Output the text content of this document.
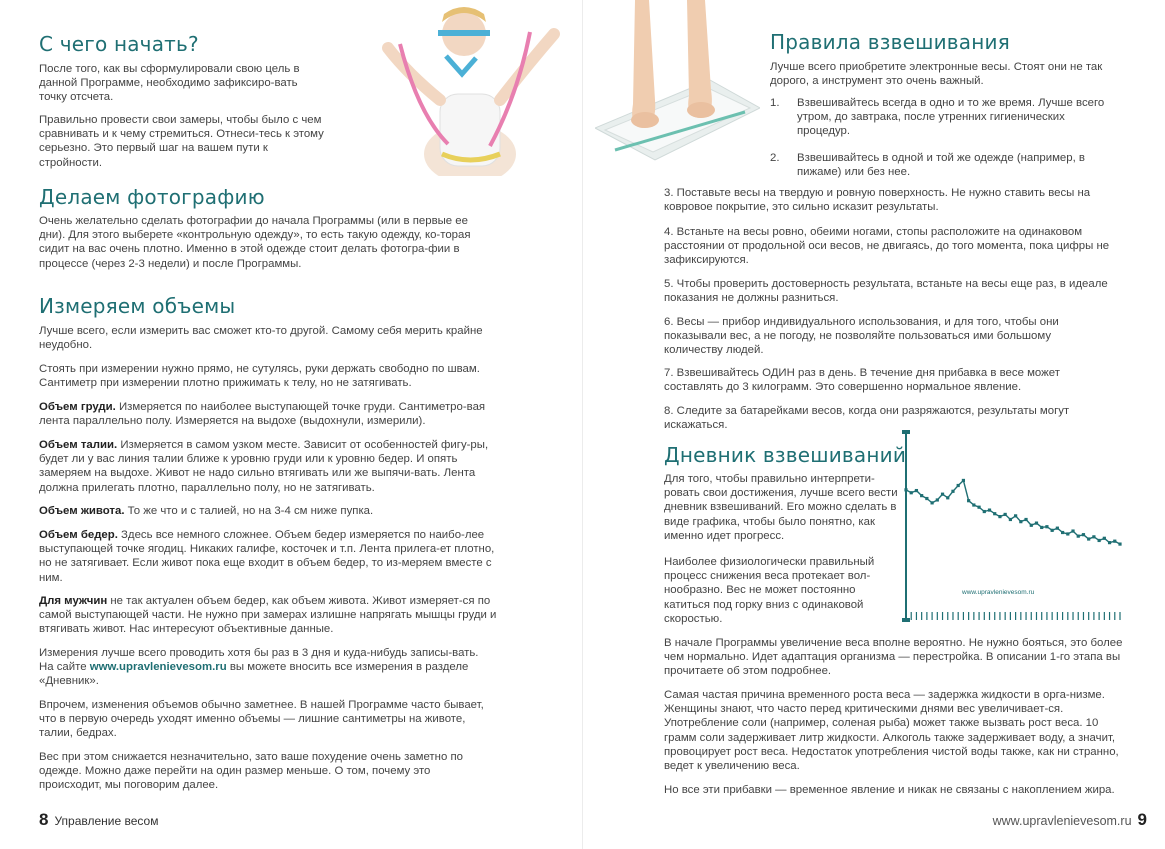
С чего начать?

После того, как вы сформулировали свою цель в данной Программе, необходимо зафиксиро-вать точку отсчета.

Правильно провести свои замеры, чтобы было с чем сравнивать и к чему стремиться. Отнеси-тесь к этому серьезно. Это первый шаг на вашем пути к стройности.

Делаем фотографию

Очень желательно сделать фотографии до начала Программы (или в первые ее дни). Для этого выберете «контрольную одежду», то есть такую одежду, ко-торая сидит на вас очень плотно. Именно в этой одежде стоит делать фотогра-фии в процессе (через 2-3 недели) и после Программы.

Измеряем объемы

Лучше всего, если измерить вас сможет кто-то другой. Самому себя мерить крайне неудобно.

Стоять при измерении нужно прямо, не сутулясь, руки держать свободно по швам. Сантиметр при измерении плотно прижимать к телу, но не затягивать.

Объем груди. Измеряется по наиболее выступающей точке груди. Сантиметро-вая лента параллельно полу. Измеряется на выдохе (выдохнули, измерили).

Объем талии. Измеряется в самом узком месте. Зависит от особенностей фигу-ры, будет ли у вас линия талии ближе к уровню груди или к уровню бедер. И опять замеряем на выдохе. Живот не надо сильно втягивать или же выпячи-вать. Лента должна прилегать плотно, параллельно полу, но не затягивать.

Объем живота. То же что и с талией, но на 3-4 см ниже пупка.

Объем бедер. Здесь все немного сложнее. Объем бедер измеряется по наибо-лее выступающей точке ягодиц. Никаких галифе, косточек и т.п. Лента прилега-ет плотно, но не затягивает. Если живот пока еще входит в объем бедер, то из-меряем вместе с ним.

Для мужчин не так актуален объем бедер, как объем живота. Живот измеряет-ся по самой выступающей части. Не нужно при замерах излишне напрягать мышцы груди и втягивать живот. Нас интересуют объективные данные.

Измерения лучше всего проводить хотя бы раз в 3 дня и куда-нибудь записы-вать. На сайте www.upravlenievesom.ru вы можете вносить все измерения в разделе «Дневник».

Впрочем, изменения объемов обычно заметнее. В нашей Программе часто бывает, что в первую очередь уходят именно объемы — лишние сантиметры на животе, талии, бедрах.

Вес при этом снижается незначительно, зато ваше похудение очень заметно по одежде. Можно даже перейти на один размер меньше. О том, почему это происходит, мы поговорим далее.

8 Управление весом
Правила взвешивания

Лучше всего приобретите электронные весы. Стоят они не так дорого, а инструмент это очень важный.

1. Взвешивайтесь всегда в одно и то же время. Лучше всего утром, до завтрака, после утренних гигиенических процедур.
2. Взвешивайтесь в одной и той же одежде (например, в пижаме) или без нее.

3. Поставьте весы на твердую и ровную поверхность. Не нужно ставить весы на ковровое покрытие, это сильно исказит результаты.

4. Встаньте на весы ровно, обеими ногами, стопы расположите на одинаковом расстоянии от продольной оси весов, не двигаясь, до того момента, пока цифры не зафиксируются.

5. Чтобы проверить достоверность результата, встаньте на весы еще раз, в идеале показания не должны разниться.

6. Весы — прибор индивидуального использования, и для того, чтобы они показывали вес, а не погоду, не позволяйте пользоваться ими большому количеству людей.

7. Взвешивайтесь ОДИН раз в день. В течение дня прибавка в весе может составлять до 3 килограмм. Это совершенно нормальное явление.

8. Следите за батарейками весов, когда они разряжаются, результаты могут искажаться.

Дневник взвешиваний

Для того, чтобы правильно интерпрети-ровать свои достижения, лучше всего вести дневник взвешиваний. Его можно сделать в виде графика, чтобы было понятно, как именно идет прогресс.

Наиболее физиологически правильный процесс снижения веса протекает вол-нообразно. Вес не может постоянно катиться под горку вниз с одинаковой скоростью.

www.upravlenievesom.ru

В начале Программы увеличение веса вполне вероятно. Не нужно бояться, это более чем нормально. Идет адаптация организма — перестройка. В описании 1-го этапа вы прочитаете об этом подробнее.

Самая частая причина временного роста веса — задержка жидкости в орга-низме. Женщины знают, что часто перед критическими днями вес увеличивает-ся. Употребление соли (например, соленая рыба) может также вызвать рост веса. 10 грамм соли задерживает литр жидкости. Алкоголь также задерживает воду, а значит, провоцирует рост веса. Недостаток употребления чистой воды также, как ни странно, ведет к увеличению веса.

Но все эти прибавки — временное явление и никак не связаны с накоплением жира.

www.upravlenievesom.ru 9
